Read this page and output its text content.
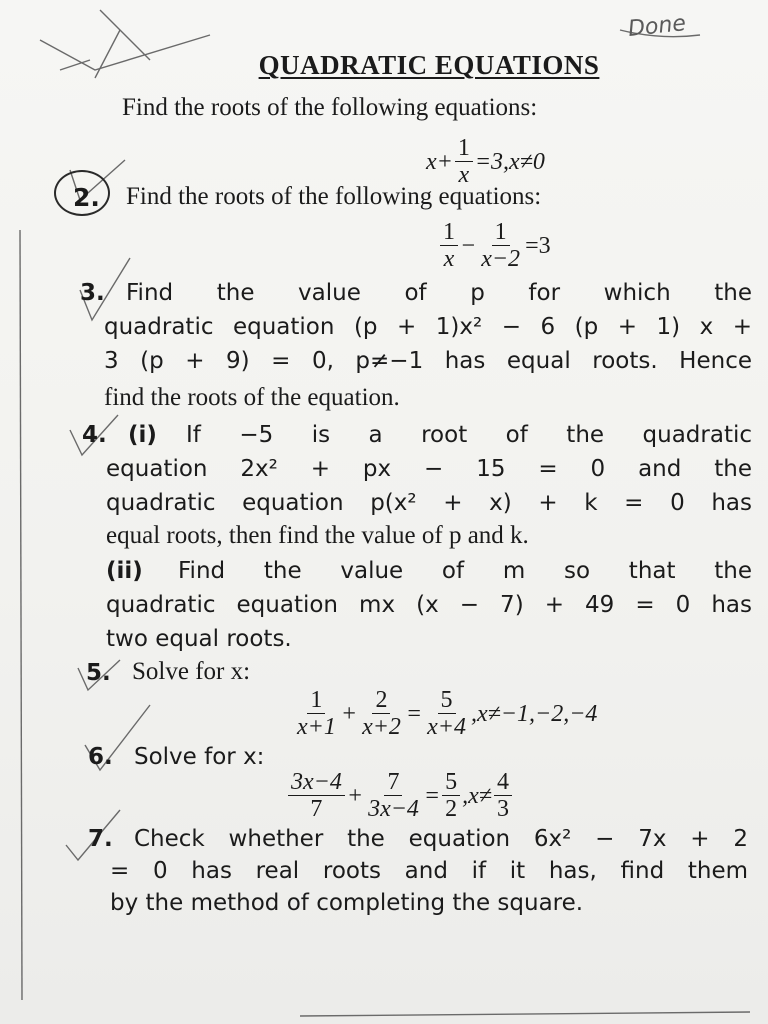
Done
QUADRATIC EQUATIONS
Find the roots of the following equations:
$x+ \frac{1}{x} =3,x\ne 0$
2. Find the roots of the following equations:
$\frac{1}{x} - \frac{1}{x-2} =3$
3. Find the value of p for which the
quadratic equation (p + 1)x² − 6 (p + 1) x +
3 (p + 9) = 0, p≠−1 has equal roots. Hence
find the roots of the equation.
4. (i) If −5 is a root of the quadratic
equation 2x² + px − 15 = 0 and the
quadratic equation p(x² + x) + k = 0 has
equal roots, then find the value of p and k.
(ii) Find the value of m so that the
quadratic equation mx (x − 7) + 49 = 0 has
two equal roots.
5. Solve for x:
$\frac{1}{x+1} + \frac{2}{x+2} = \frac{5}{x+4} ,x\ne-1,-2,-4$
6. Solve for x:
$\frac{3x-4}{7} + \frac{7}{3x-4} = \frac{5}{2} ,x\ne \frac{4}{3}$
7. Check whether the equation 6x² − 7x + 2
= 0 has real roots and if it has, find them
by the method of completing the square.
